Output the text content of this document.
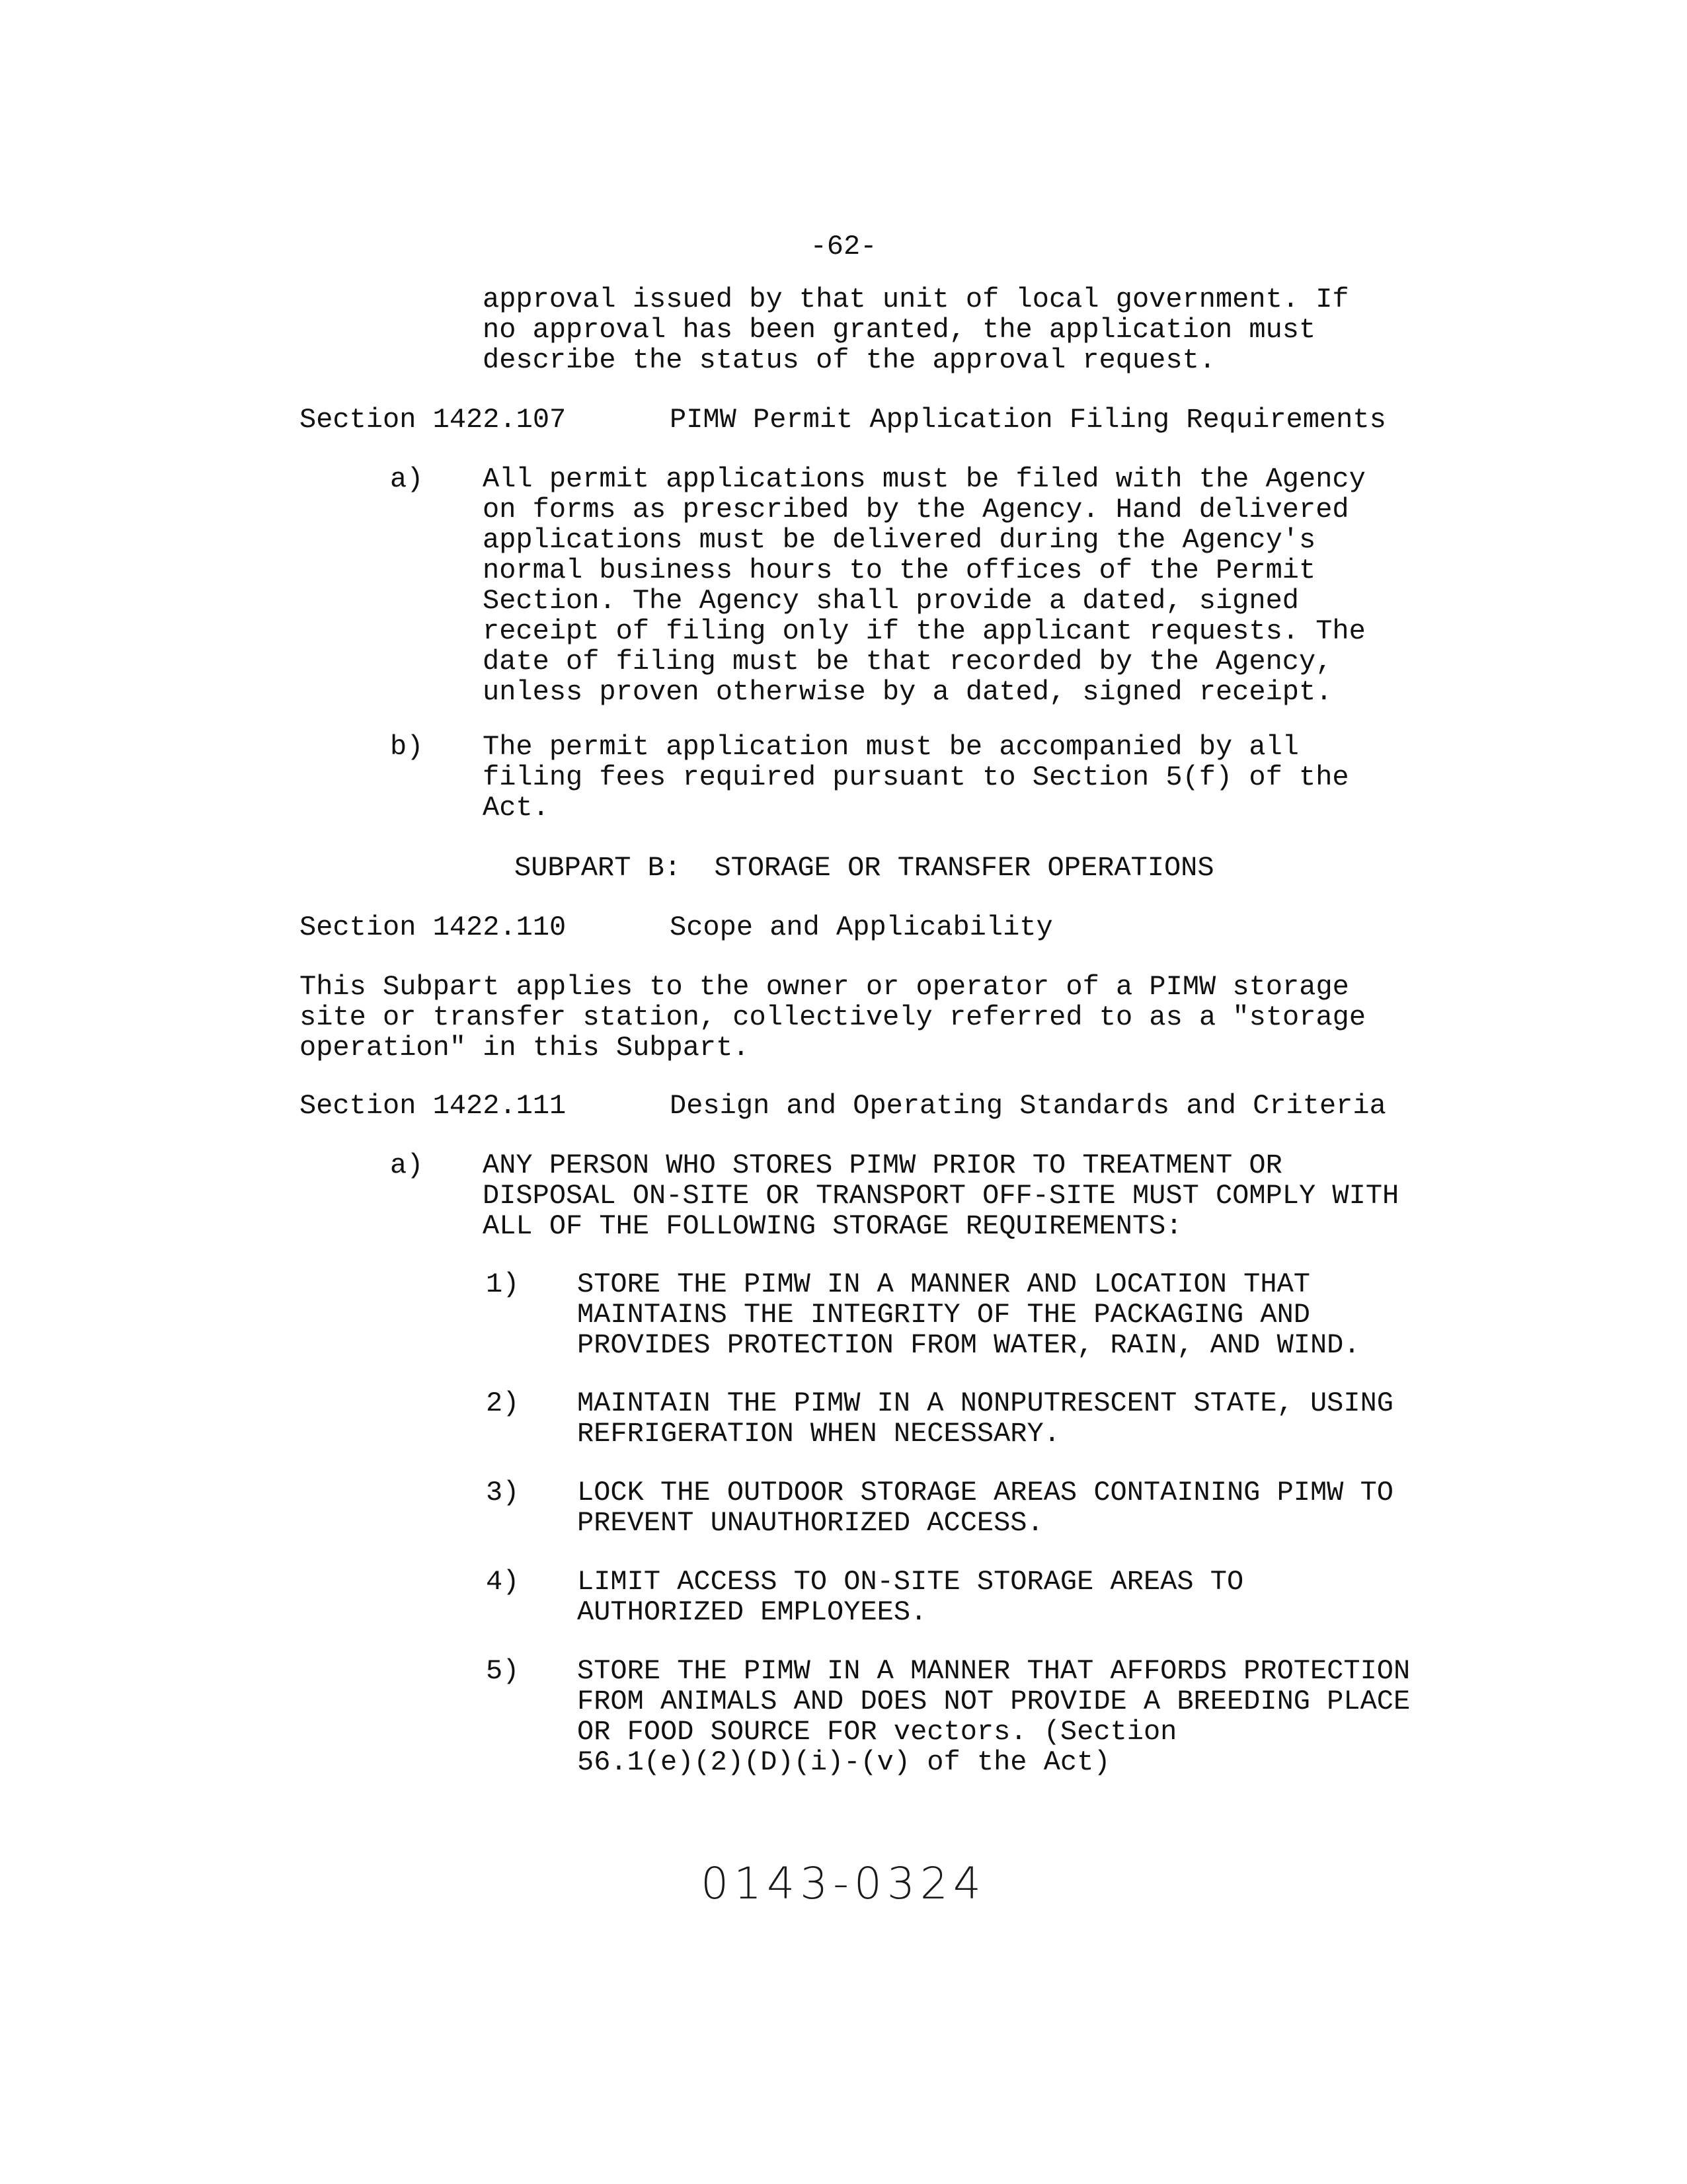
-62-
approval issued by that unit of local government. If
no approval has been granted, the application must
describe the status of the approval request.
Section 1422.107	PIMW Permit Application Filing Requirements
a) All permit applications must be filed with the Agency
on forms as prescribed by the Agency. Hand delivered
applications must be delivered during the Agency's
normal business hours to the offices of the Permit
Section. The Agency shall provide a dated, signed
receipt of filing only if the applicant requests. The
date of filing must be that recorded by the Agency,
unless proven otherwise by a dated, signed receipt.
b) The permit application must be accompanied by all
filing fees required pursuant to Section 5(f) of the
Act.
SUBPART B:  STORAGE OR TRANSFER OPERATIONS
Section 1422.110	Scope and Applicability
This Subpart applies to the owner or operator of a PIMW storage
site or transfer station, collectively referred to as a "storage
operation" in this Subpart.
Section 1422.111	Design and Operating Standards and Criteria
a) ANY PERSON WHO STORES PIMW PRIOR TO TREATMENT OR
DISPOSAL ON-SITE OR TRANSPORT OFF-SITE MUST COMPLY WITH
ALL OF THE FOLLOWING STORAGE REQUIREMENTS:
1) STORE THE PIMW IN A MANNER AND LOCATION THAT
MAINTAINS THE INTEGRITY OF THE PACKAGING AND
PROVIDES PROTECTION FROM WATER, RAIN, AND WIND.
2) MAINTAIN THE PIMW IN A NONPUTRESCENT STATE, USING
REFRIGERATION WHEN NECESSARY.
3) LOCK THE OUTDOOR STORAGE AREAS CONTAINING PIMW TO
PREVENT UNAUTHORIZED ACCESS.
4) LIMIT ACCESS TO ON-SITE STORAGE AREAS TO
AUTHORIZED EMPLOYEES.
5) STORE THE PIMW IN A MANNER THAT AFFORDS PROTECTION
FROM ANIMALS AND DOES NOT PROVIDE A BREEDING PLACE
OR FOOD SOURCE FOR vectors. (Section
56.1(e)(2)(D)(i)-(v) of the Act)
0143-0324
